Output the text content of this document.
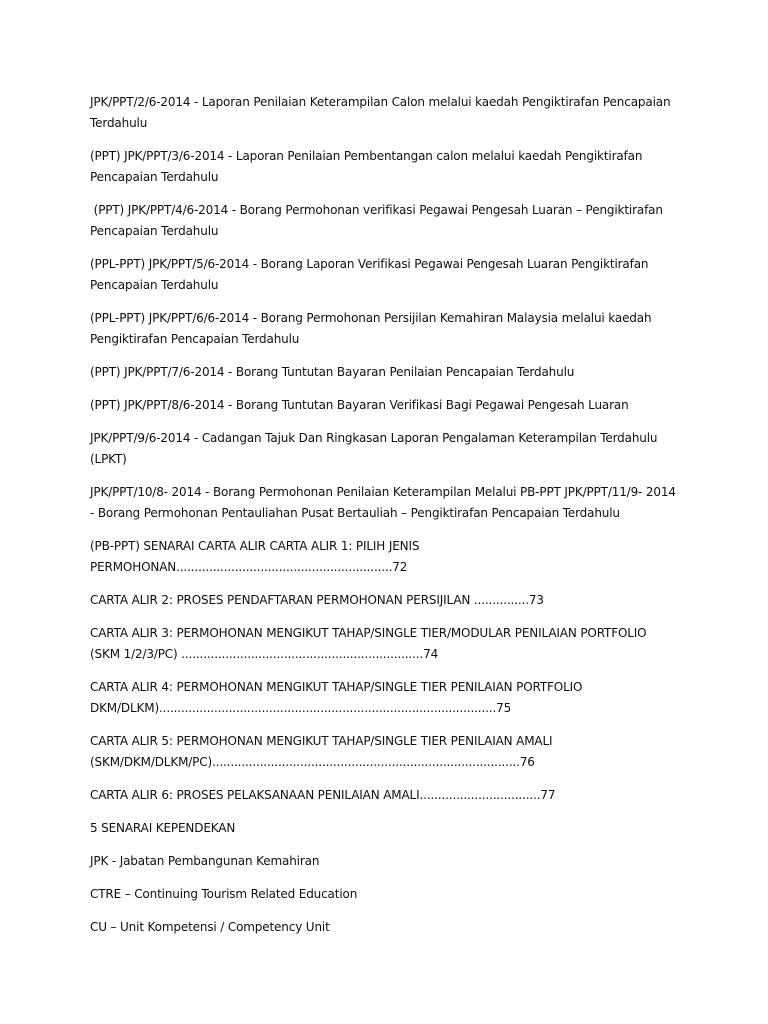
JPK/PPT/2/6-2014 - Laporan Penilaian Keterampilan Calon melalui kaedah Pengiktirafan Pencapaian Terdahulu

(PPT) JPK/PPT/3/6-2014 - Laporan Penilaian Pembentangan calon melalui kaedah Pengiktirafan Pencapaian Terdahulu

(PPT) JPK/PPT/4/6-2014 - Borang Permohonan verifikasi Pegawai Pengesah Luaran – Pengiktirafan Pencapaian Terdahulu

(PPL-PPT) JPK/PPT/5/6-2014 - Borang Laporan Verifikasi Pegawai Pengesah Luaran Pengiktirafan Pencapaian Terdahulu

(PPL-PPT) JPK/PPT/6/6-2014 - Borang Permohonan Persijilan Kemahiran Malaysia melalui kaedah Pengiktirafan Pencapaian Terdahulu

(PPT) JPK/PPT/7/6-2014 - Borang Tuntutan Bayaran Penilaian Pencapaian Terdahulu

(PPT) JPK/PPT/8/6-2014 - Borang Tuntutan Bayaran Verifikasi Bagi Pegawai Pengesah Luaran

JPK/PPT/9/6-2014 - Cadangan Tajuk Dan Ringkasan Laporan Pengalaman Keterampilan Terdahulu (LPKT)

JPK/PPT/10/8- 2014 - Borang Permohonan Penilaian Keterampilan Melalui PB-PPT JPK/PPT/11/9- 2014 - Borang Permohonan Pentauliahan Pusat Bertauliah – Pengiktirafan Pencapaian Terdahulu

(PB-PPT) SENARAI CARTA ALIR CARTA ALIR 1: PILIH JENIS
PERMOHONAN...........................................................72

CARTA ALIR 2: PROSES PENDAFTARAN PERMOHONAN PERSIJILAN ...............73

CARTA ALIR 3: PERMOHONAN MENGIKUT TAHAP/SINGLE TIER/MODULAR PENILAIAN PORTFOLIO (SKM 1/2/3/PC) ..................................................................74

CARTA ALIR 4: PERMOHONAN MENGIKUT TAHAP/SINGLE TIER PENILAIAN PORTFOLIO
DKM/DLKM)............................................................................................75

CARTA ALIR 5: PERMOHONAN MENGIKUT TAHAP/SINGLE TIER PENILAIAN AMALI
(SKM/DKM/DLKM/PC)....................................................................................76

CARTA ALIR 6: PROSES PELAKSANAAN PENILAIAN AMALI.................................77

5 SENARAI KEPENDEKAN

JPK - Jabatan Pembangunan Kemahiran

CTRE – Continuing Tourism Related Education

CU – Unit Kompetensi / Competency Unit
